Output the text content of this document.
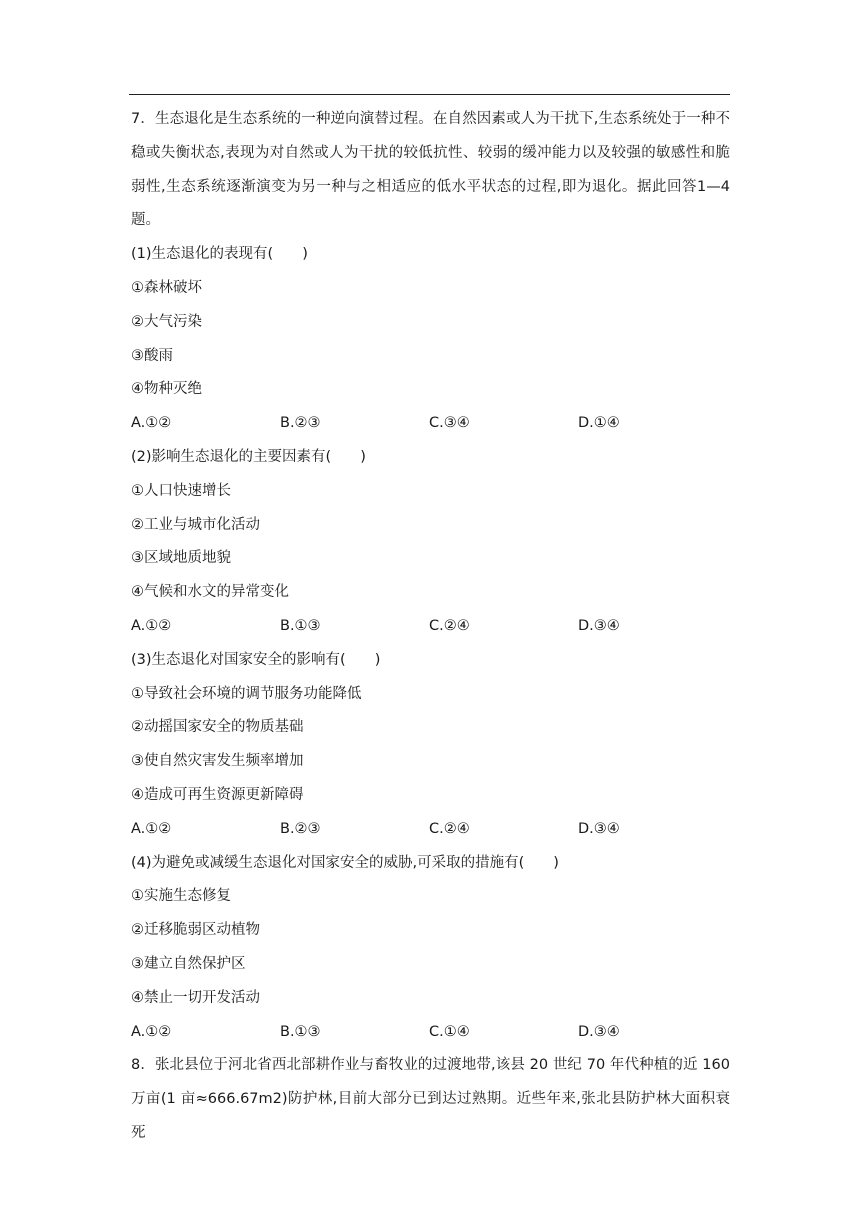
7．生态退化是生态系统的一种逆向演替过程。在自然因素或人为干扰下,生态系统处于一种不稳或失衡状态,表现为对自然或人为干扰的较低抗性、较弱的缓冲能力以及较强的敏感性和脆弱性,生态系统逐渐演变为另一种与之相适应的低水平状态的过程,即为退化。据此回答1—4 题。
(1)生态退化的表现有(　　)
①森林破坏
②大气污染
③酸雨
④物种灭绝
A.①②	B.②③	C.③④	D.①④
(2)影响生态退化的主要因素有(　　)
①人口快速增长
②工业与城市化活动
③区域地质地貌
④气候和水文的异常变化
A.①②	B.①③	C.②④	D.③④
(3)生态退化对国家安全的影响有(　　)
①导致社会环境的调节服务功能降低
②动摇国家安全的物质基础
③使自然灾害发生频率增加
④造成可再生资源更新障碍
A.①②	B.②③	C.②④	D.③④
(4)为避免或减缓生态退化对国家安全的威胁,可采取的措施有(　　)
①实施生态修复
②迁移脆弱区动植物
③建立自然保护区
④禁止一切开发活动
A.①②	B.①③	C.①④	D.③④
8．张北县位于河北省西北部耕作业与畜牧业的过渡地带,该县 20 世纪 70 年代种植的近 160 万亩(1 亩≈666.67m2)防护林,目前大部分已到达过熟期。近些年来,张北县防护林大面积衰死
